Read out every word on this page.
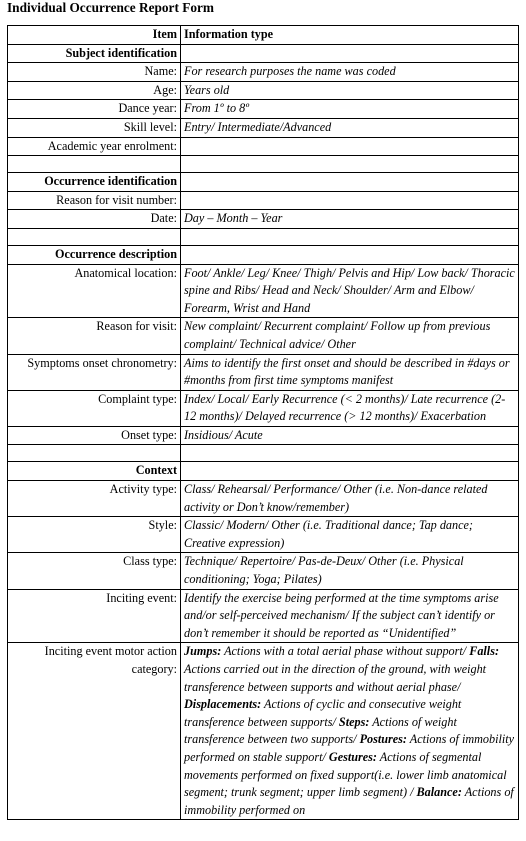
Individual Occurrence Report Form
Item	Information type
Subject identification	
Name:	For research purposes the name was coded
Age:	Years old
Dance year:	From 1º to 8º
Skill level:	Entry/ Intermediate/Advanced
Academic year enrolment:	

Occurrence identification	
Reason for visit number:	
Date:	Day – Month – Year

Occurrence description	
Anatomical location:	Foot/ Ankle/ Leg/ Knee/ Thigh/ Pelvis and Hip/ Low back/ Thoracic spine and Ribs/ Head and Neck/ Shoulder/ Arm and Elbow/ Forearm, Wrist and Hand
Reason for visit:	New complaint/ Recurrent complaint/ Follow up from previous complaint/ Technical advice/ Other
Symptoms onset chronometry:	Aims to identify the first onset and should be described in #days or #months from first time symptoms manifest
Complaint type:	Index/ Local/ Early Recurrence (< 2 months)/ Late recurrence (2-12 months)/ Delayed recurrence (> 12 months)/ Exacerbation
Onset type:	Insidious/ Acute

Context	
Activity type:	Class/ Rehearsal/ Performance/ Other (i.e. Non-dance related activity or Don’t know/remember)
Style:	Classic/ Modern/ Other (i.e. Traditional dance; Tap dance; Creative expression)
Class type:	Technique/ Repertoire/ Pas-de-Deux/ Other (i.e. Physical conditioning; Yoga; Pilates)
Inciting event:	Identify the exercise being performed at the time symptoms arise and/or self-perceived mechanism/ If the subject can’t identify or don’t remember it should be reported as “Unidentified”
Inciting event motor action category:	Jumps: Actions with a total aerial phase without support/ Falls: Actions carried out in the direction of the ground, with weight transference between supports and without aerial phase/ Displacements: Actions of cyclic and consecutive weight transference between supports/ Steps: Actions of weight transference between two supports/ Postures: Actions of immobility performed on stable support/ Gestures: Actions of segmental movements performed on fixed support(i.e. lower limb anatomical segment; trunk segment; upper limb segment) / Balance: Actions of immobility performed on
